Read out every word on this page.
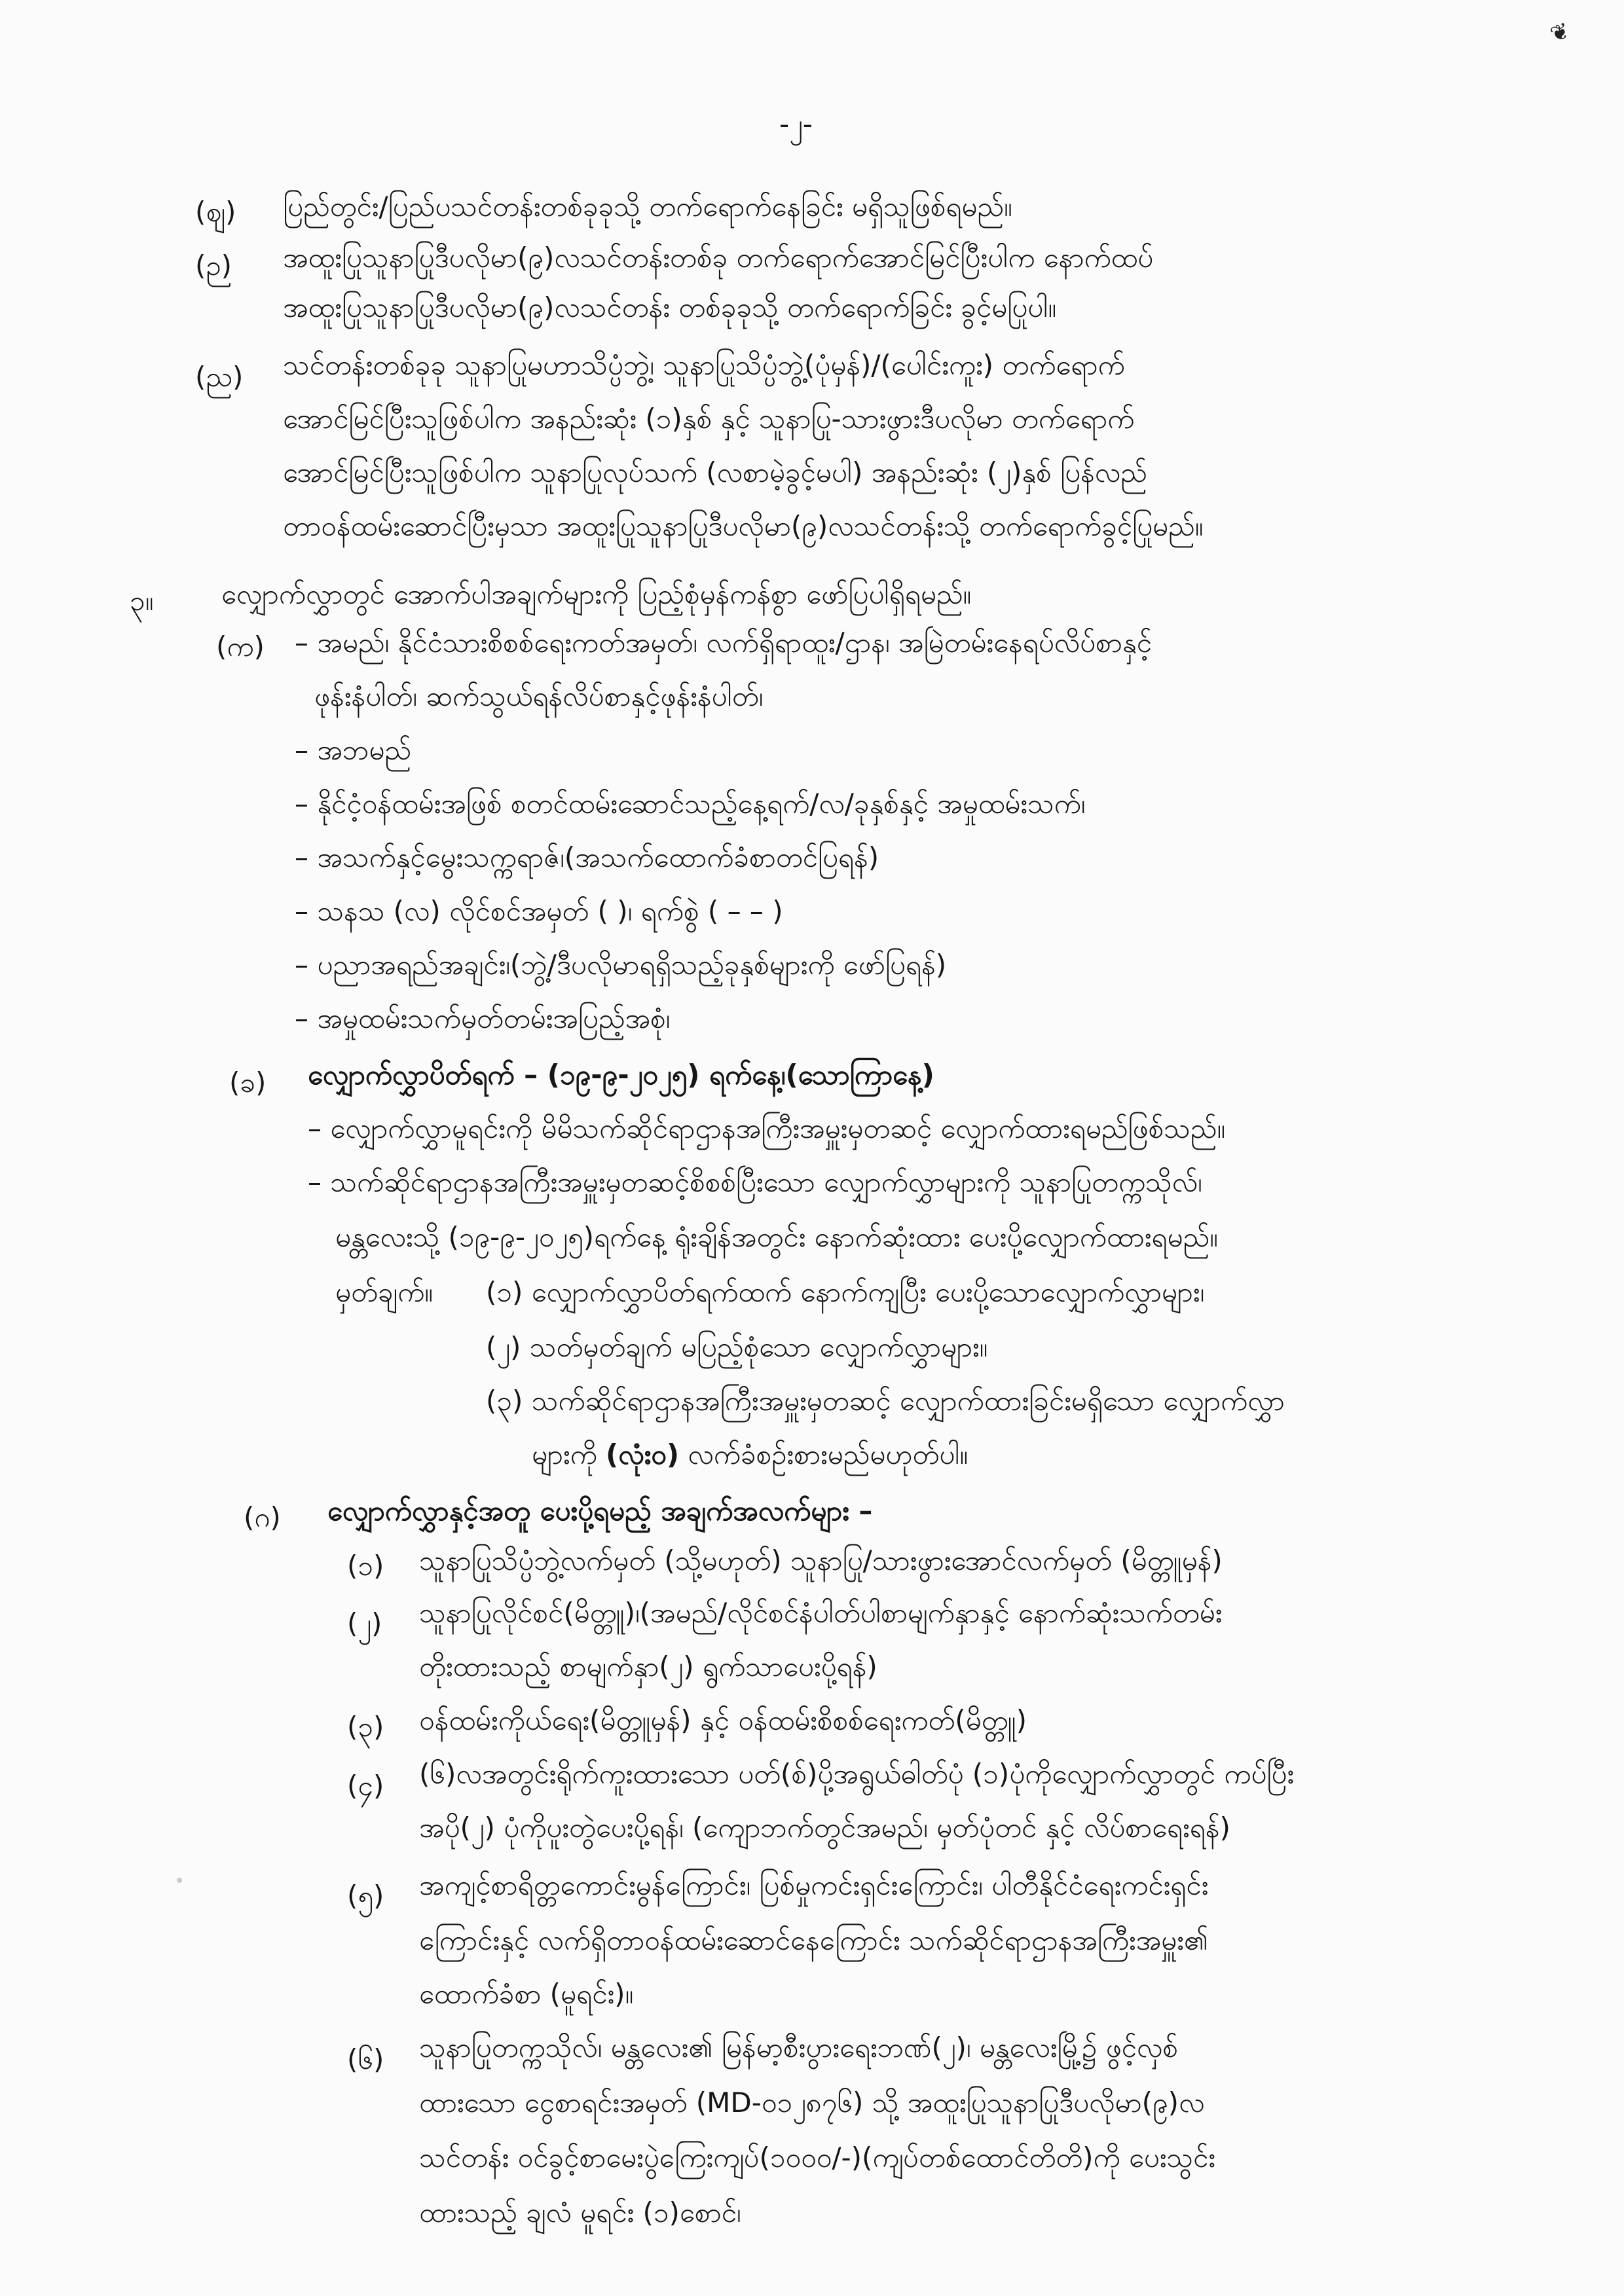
❦
-၂-
(ဈ) ပြည်တွင်း/ပြည်ပသင်တန်းတစ်ခုခုသို့ တက်ရောက်နေခြင်း မရှိသူဖြစ်ရမည်။
(ဉ) အထူးပြုသူနာပြုဒီပလိုမာ(၉)လသင်တန်းတစ်ခု တက်ရောက်အောင်မြင်ပြီးပါက နောက်ထပ်
အထူးပြုသူနာပြုဒီပလိုမာ(၉)လသင်တန်း တစ်ခုခုသို့ တက်ရောက်ခြင်း ခွင့်မပြုပါ။
(ည) သင်တန်းတစ်ခုခု သူနာပြုမဟာသိပ္ပံဘွဲ့၊ သူနာပြုသိပ္ပံဘွဲ့(ပုံမှန်)/(ပေါင်းကူး) တက်ရောက်
အောင်မြင်ပြီးသူဖြစ်ပါက အနည်းဆုံး (၁)နှစ် နှင့် သူနာပြု-သားဖွားဒီပလိုမာ တက်ရောက်
အောင်မြင်ပြီးသူဖြစ်ပါက သူနာပြုလုပ်သက် (လစာမဲ့ခွင့်မပါ) အနည်းဆုံး (၂)နှစ် ပြန်လည်
တာဝန်ထမ်းဆောင်ပြီးမှသာ အထူးပြုသူနာပြုဒီပလိုမာ(၉)လသင်တန်းသို့ တက်ရောက်ခွင့်ပြုမည်။
၃။ လျှောက်လွှာတွင် အောက်ပါအချက်များကို ပြည့်စုံမှန်ကန်စွာ ဖော်ပြပါရှိရမည်။
(က) – အမည်၊ နိုင်ငံသားစိစစ်ရေးကတ်အမှတ်၊ လက်ရှိရာထူး/ဌာန၊ အမြဲတမ်းနေရပ်လိပ်စာနှင့်
ဖုန်းနံပါတ်၊ ဆက်သွယ်ရန်လိပ်စာနှင့်ဖုန်းနံပါတ်၊
– အဘမည်
– နိုင်ငံ့ဝန်ထမ်းအဖြစ် စတင်ထမ်းဆောင်သည့်နေ့ရက်/လ/ခုနှစ်နှင့် အမှုထမ်းသက်၊
– အသက်နှင့်မွေးသက္ကရာဇ်၊(အသက်ထောက်ခံစာတင်ပြရန်)
– သနသ (လ) လိုင်စင်အမှတ် ( )၊ ရက်စွဲ ( – – )
– ပညာအရည်အချင်း၊(ဘွဲ့/ဒီပလိုမာရရှိသည့်ခုနှစ်များကို ဖော်ပြရန်)
– အမှုထမ်းသက်မှတ်တမ်းအပြည့်အစုံ၊
(ခ) လျှောက်လွှာပိတ်ရက် – (၁၉-၉-၂၀၂၅) ရက်နေ့၊(သောကြာနေ့)
– လျှောက်လွှာမူရင်းကို မိမိသက်ဆိုင်ရာဌာနအကြီးအမှူးမှတဆင့် လျှောက်ထားရမည်ဖြစ်သည်။
– သက်ဆိုင်ရာဌာနအကြီးအမှူးမှတဆင့်စိစစ်ပြီးသော လျှောက်လွှာများကို သူနာပြုတက္ကသိုလ်၊
မန္တလေးသို့ (၁၉-၉-၂၀၂၅)ရက်နေ့ ရုံးချိန်အတွင်း နောက်ဆုံးထား ပေးပို့လျှောက်ထားရမည်။
မှတ်ချက်။ (၁) လျှောက်လွှာပိတ်ရက်ထက် နောက်ကျပြီး ပေးပို့သောလျှောက်လွှာများ၊
(၂) သတ်မှတ်ချက် မပြည့်စုံသော လျှောက်လွှာများ။
(၃) သက်ဆိုင်ရာဌာနအကြီးအမှူးမှတဆင့် လျှောက်ထားခြင်းမရှိသော လျှောက်လွှာ
များကို (လုံးဝ) လက်ခံစဉ်းစားမည်မဟုတ်ပါ။
(ဂ) လျှောက်လွှာနှင့်အတူ ပေးပို့ရမည့် အချက်အလက်များ –
(၁) သူနာပြုသိပ္ပံဘွဲ့လက်မှတ် (သို့မဟုတ်) သူနာပြု/သားဖွားအောင်လက်မှတ် (မိတ္တူမှန်)
(၂) သူနာပြုလိုင်စင်(မိတ္တူ)၊(အမည်/လိုင်စင်နံပါတ်ပါစာမျက်နှာနှင့် နောက်ဆုံးသက်တမ်း
တိုးထားသည့် စာမျက်နှာ(၂) ရွက်သာပေးပို့ရန်)
(၃) ဝန်ထမ်းကိုယ်ရေး(မိတ္တူမှန်) နှင့် ဝန်ထမ်းစိစစ်ရေးကတ်(မိတ္တူ)
(၄) (၆)လအတွင်းရိုက်ကူးထားသော ပတ်(စ်)ပို့အရွယ်ဓါတ်ပုံ (၁)ပုံကိုလျှောက်လွှာတွင် ကပ်ပြီး
အပို(၂) ပုံကိုပူးတွဲပေးပို့ရန်၊ (ကျောဘက်တွင်အမည်၊ မှတ်ပုံတင် နှင့် လိပ်စာရေးရန်)
(၅) အကျင့်စာရိတ္တကောင်းမွန်ကြောင်း၊ ပြစ်မှုကင်းရှင်းကြောင်း၊ ပါတီနိုင်ငံရေးကင်းရှင်း
ကြောင်းနှင့် လက်ရှိတာဝန်ထမ်းဆောင်နေကြောင်း သက်ဆိုင်ရာဌာနအကြီးအမှူး၏
ထောက်ခံစာ (မူရင်း)။
(၆) သူနာပြုတက္ကသိုလ်၊ မန္တလေး၏ မြန်မာ့စီးပွားရေးဘဏ်(၂)၊ မန္တလေးမြို့၌ ဖွင့်လှစ်
ထားသော ငွေစာရင်းအမှတ် (MD-၀၁၂၈၇၆) သို့ အထူးပြုသူနာပြုဒီပလိုမာ(၉)လ
သင်တန်း ဝင်ခွင့်စာမေးပွဲကြေးကျပ်(၁၀၀၀/-)(ကျပ်တစ်ထောင်တိတိ)ကို ပေးသွင်း
ထားသည့် ချလံ မူရင်း (၁)စောင်၊
